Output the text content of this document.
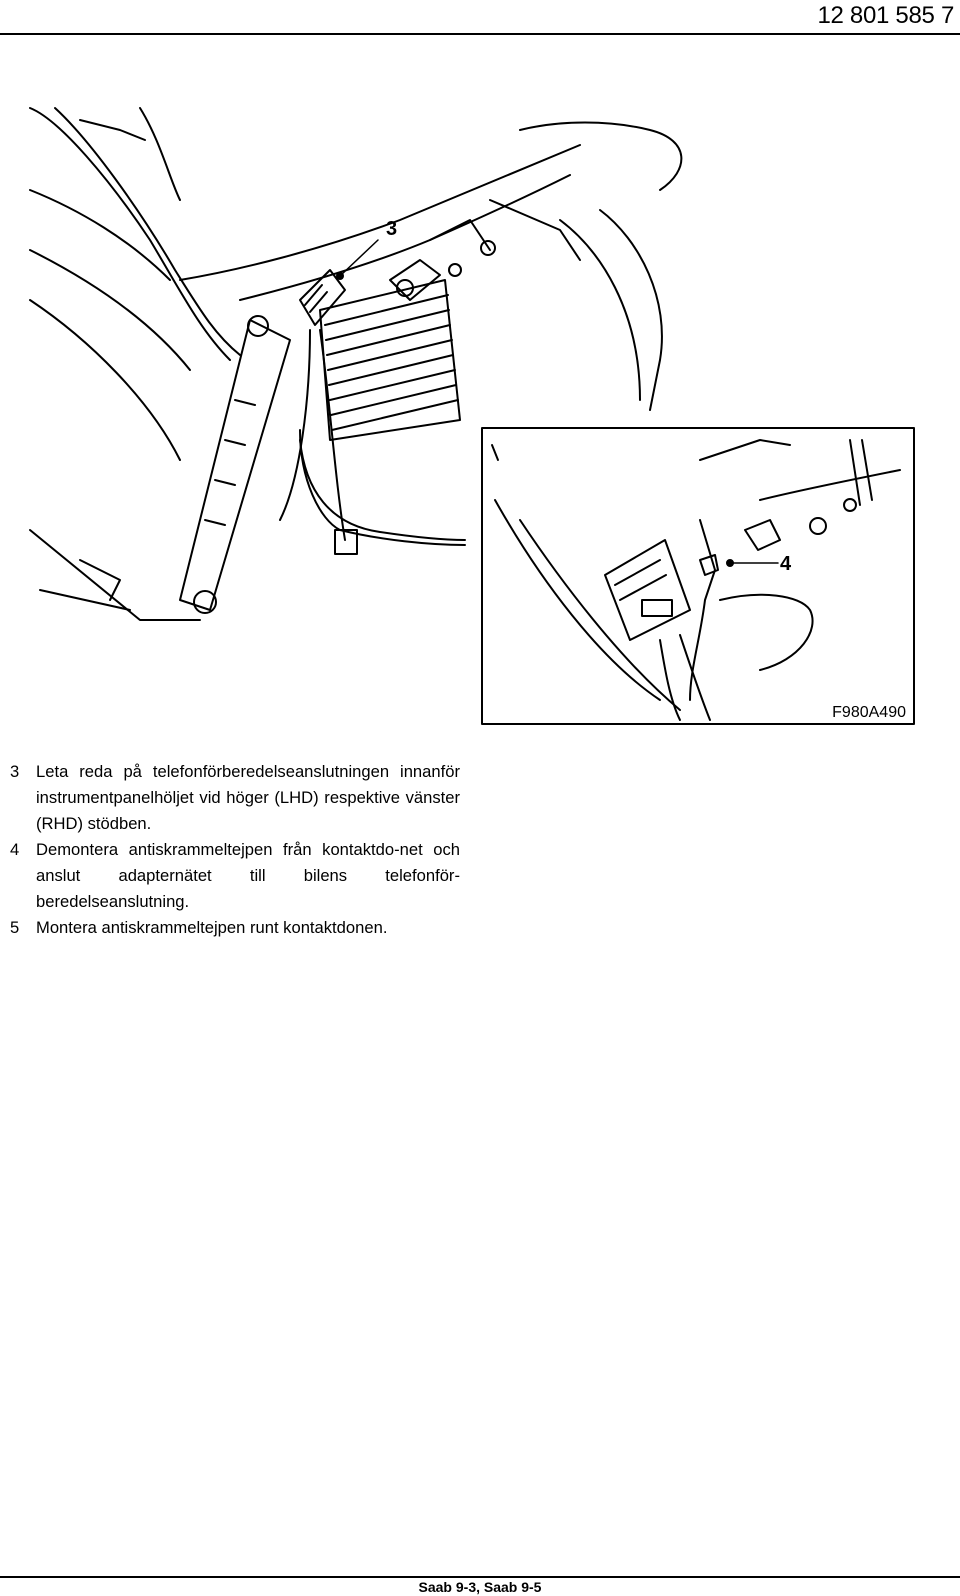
12 801 585 7
3
4
F980A490
3	Leta reda på telefonförberedelseanslutningen innanför instrumentpanelhöljet vid höger (LHD) respektive vänster (RHD) stödben.
4	Demontera antiskrammeltejpen från kontaktdo-net och anslut adapternätet till bilens telefonför-beredelseanslutning.
5	Montera antiskrammeltejpen runt kontaktdonen.
Saab 9-3, Saab 9-5
